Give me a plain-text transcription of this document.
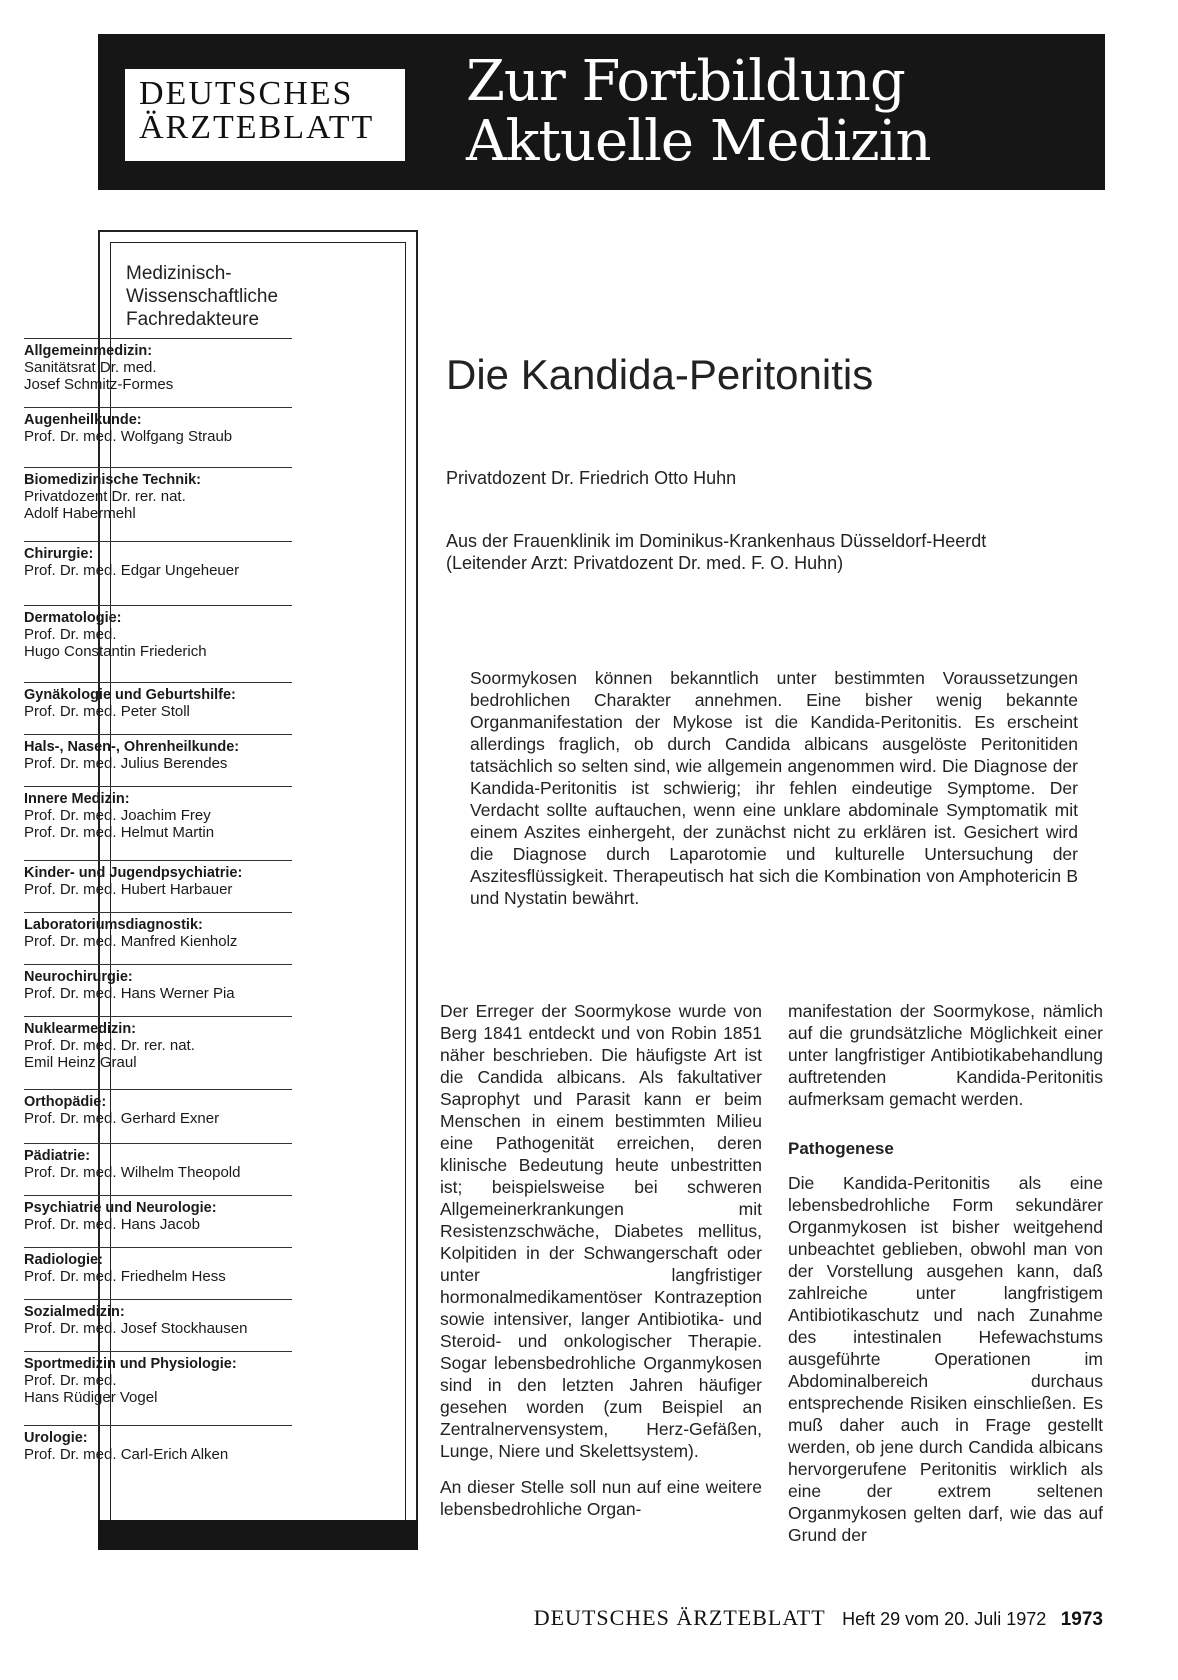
DEUTSCHES
ÄRZTEBLATT
Zur Fortbildung
Aktuelle Medizin
Medizinisch-
Wissenschaftliche
Fachredakteure
Allgemeinmedizin:
Sanitätsrat Dr. med.
Josef Schmitz-Formes
Augenheilkunde:
Prof. Dr. med. Wolfgang Straub
Biomedizinische Technik:
Privatdozent Dr. rer. nat.
Adolf Habermehl
Chirurgie:
Prof. Dr. med. Edgar Ungeheuer
Dermatologie:
Prof. Dr. med.
Hugo Constantin Friederich
Gynäkologie und Geburtshilfe:
Prof. Dr. med. Peter Stoll
Hals-, Nasen-, Ohrenheilkunde:
Prof. Dr. med. Julius Berendes
Innere Medizin:
Prof. Dr. med. Joachim Frey
Prof. Dr. med. Helmut Martin
Kinder- und Jugendpsychiatrie:
Prof. Dr. med. Hubert Harbauer
Laboratoriumsdiagnostik:
Prof. Dr. med. Manfred Kienholz
Neurochirurgie:
Prof. Dr. med. Hans Werner Pia
Nuklearmedizin:
Prof. Dr. med. Dr. rer. nat.
Emil Heinz Graul
Orthopädie:
Prof. Dr. med. Gerhard Exner
Pädiatrie:
Prof. Dr. med. Wilhelm Theopold
Psychiatrie und Neurologie:
Prof. Dr. med. Hans Jacob
Radiologie:
Prof. Dr. med. Friedhelm Hess
Sozialmedizin:
Prof. Dr. med. Josef Stockhausen
Sportmedizin und Physiologie:
Prof. Dr. med.
Hans Rüdiger Vogel
Urologie:
Prof. Dr. med. Carl-Erich Alken
Die Kandida-Peritonitis
Privatdozent Dr. Friedrich Otto Huhn
Aus der Frauenklinik im Dominikus-Krankenhaus Düsseldorf-Heerdt
(Leitender Arzt: Privatdozent Dr. med. F. O. Huhn)
Soormykosen können bekanntlich unter bestimmten Voraussetzungen bedrohlichen Charakter annehmen. Eine bisher wenig bekannte Organmanifestation der Mykose ist die Kandida-Peritonitis. Es erscheint allerdings fraglich, ob durch Candida albicans ausgelöste Peritonitiden tatsächlich so selten sind, wie allgemein angenommen wird. Die Diagnose der Kandida-Peritonitis ist schwierig; ihr fehlen eindeutige Symptome. Der Verdacht sollte auftauchen, wenn eine unklare abdominale Symptomatik mit einem Aszites einhergeht, der zunächst nicht zu erklären ist. Gesichert wird die Diagnose durch Laparotomie und kulturelle Untersuchung der Aszitesflüssigkeit. Therapeutisch hat sich die Kombination von Amphotericin B und Nystatin bewährt.

Der Erreger der Soormykose wurde von Berg 1841 entdeckt und von Robin 1851 näher beschrieben. Die häufigste Art ist die Candida albicans. Als fakultativer Saprophyt und Parasit kann er beim Menschen in einem bestimmten Milieu eine Pathogenität erreichen, deren klinische Bedeutung heute unbestritten ist; beispielsweise bei schweren Allgemeinerkrankungen mit Resistenzschwäche, Diabetes mellitus, Kolpitiden in der Schwangerschaft oder unter langfristiger hormonalmedikamentöser Kontrazeption sowie intensiver, langer Antibiotika- und Steroid- und onkologischer Therapie. Sogar lebensbedrohliche Organmykosen sind in den letzten Jahren häufiger gesehen worden (zum Beispiel an Zentralnervensystem, Herz-Gefäßen, Lunge, Niere und Skelettsystem).

An dieser Stelle soll nun auf eine weitere lebensbedrohliche Organ-

manifestation der Soormykose, nämlich auf die grundsätzliche Möglichkeit einer unter langfristiger Antibiotikabehandlung auftretenden Kandida-Peritonitis aufmerksam gemacht werden.

Pathogenese

Die Kandida-Peritonitis als eine lebensbedrohliche Form sekundärer Organmykosen ist bisher weitgehend unbeachtet geblieben, obwohl man von der Vorstellung ausgehen kann, daß zahlreiche unter langfristigem Antibiotikaschutz und nach Zunahme des intestinalen Hefewachstums ausgeführte Operationen im Abdominalbereich durchaus entsprechende Risiken einschließen. Es muß daher auch in Frage gestellt werden, ob jene durch Candida albicans hervorgerufene Peritonitis wirklich als eine der extrem seltenen Organmykosen gelten darf, wie das auf Grund der

DEUTSCHES ÄRZTEBLATT Heft 29 vom 20. Juli 1972 1973
